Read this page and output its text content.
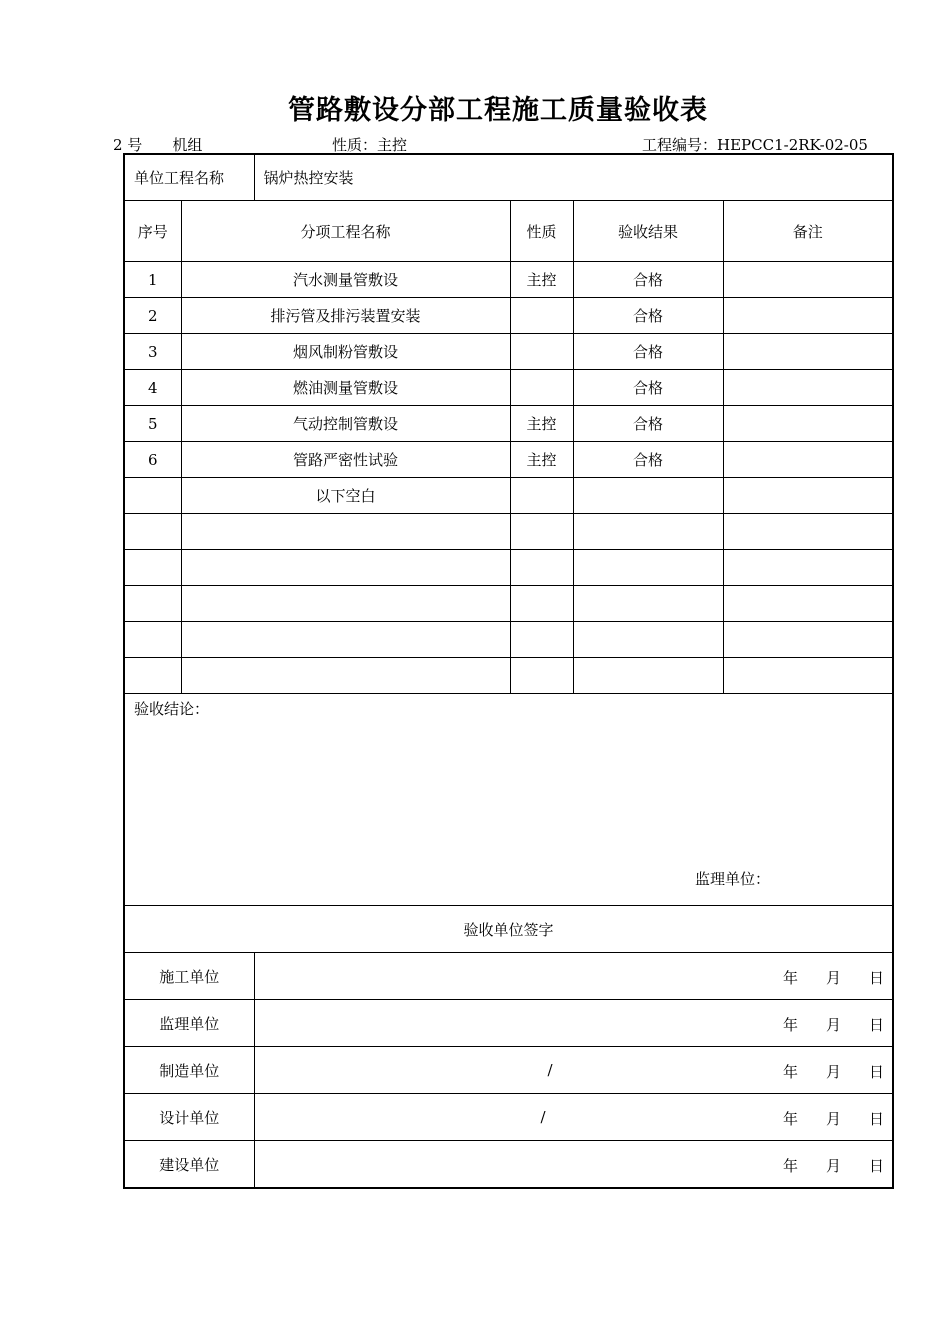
管路敷设分部工程施工质量验收表
2 号 机组	性质：主控	工程编号：HEPCC1-2RK-02-05
单位工程名称		锅炉热控安装			
序号	分项工程名称		性质	验收结果	备注
1	汽水测量管敷设		主控	合格	
2	排污管及排污装置安装			合格	
3	烟风制粉管敷设			合格	
4	燃油测量管敷设			合格	
5	气动控制管敷设		主控	合格	
6	管路严密性试验		主控	合格	
	以下空白				

验收结论：
监理单位：					

验收单位签字					
施工单位		年 月 日			

监理单位		年 月 日			

制造单位		/ 年 月 日			

设计单位		/ 年 月 日			

建设单位		年 月 日			
